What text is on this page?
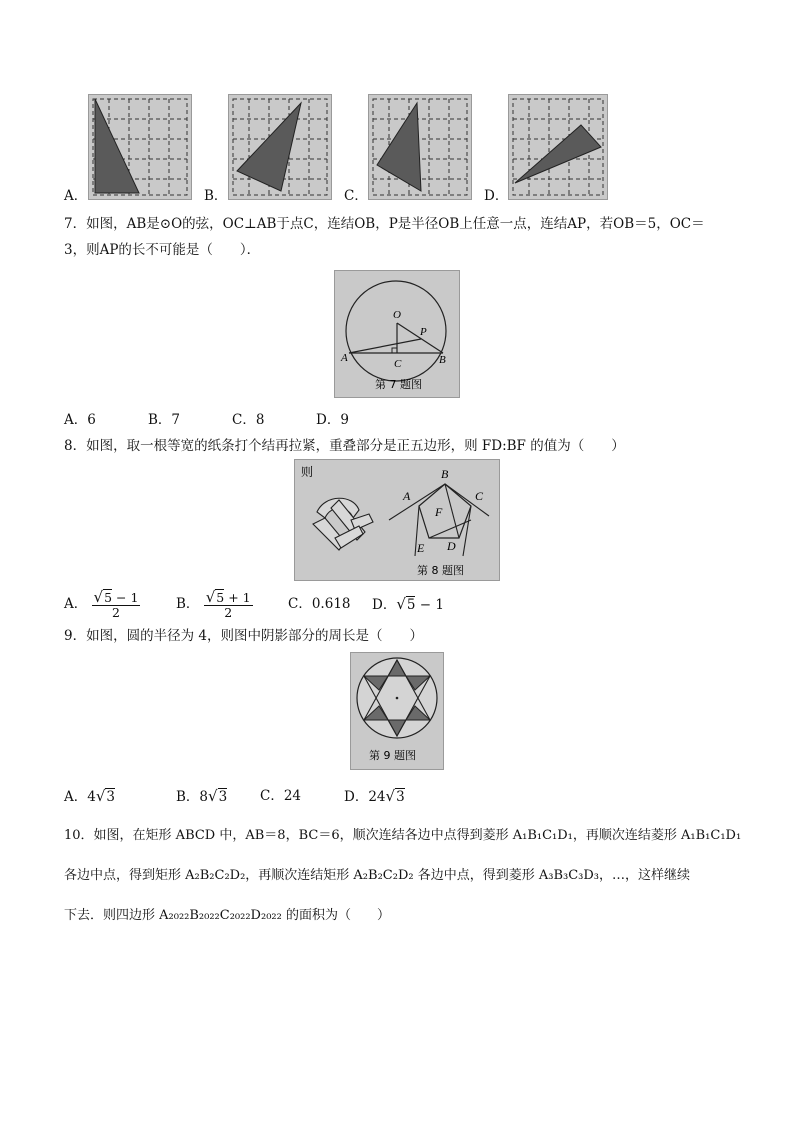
A．	B．	C．	D．
7．如图，AB是⊙O的弦，OC⊥AB于点C，连结OB，P是半径OB上任意一点，连结AP，若OB＝5，OC＝
3，则AP的长不可能是（　　）．
O
P
A	C	B
第 7 题图
A．6	B．7	C．8	D．9
8．如图，取一根等宽的纸条打个结再拉紧，重叠部分是正五边形，则 FD:BF 的值为（　　）
则
A
B
C
D
E
F
第 8 题图
A． $\frac{√5 - 1}{2}$	B． $\frac{√5 + 1}{2}$	C．0.618 D．√5 − 1
9．如图，圆的半径为 4，则图中阴影部分的周长是（　　）
第 9 题图
A．4√3	B．8√3 C．24	D．24√3
10．如图，在矩形 ABCD 中，AB＝8，BC＝6，顺次连结各边中点得到菱形 A₁B₁C₁D₁，再顺次连结菱形 A₁B₁C₁D₁
各边中点，得到矩形 A₂B₂C₂D₂，再顺次连结矩形 A₂B₂C₂D₂ 各边中点，得到菱形 A₃B₃C₃D₃，…，这样继续
下去．则四边形 A₂₀₂₂B₂₀₂₂C₂₀₂₂D₂₀₂₂ 的面积为（　　）
